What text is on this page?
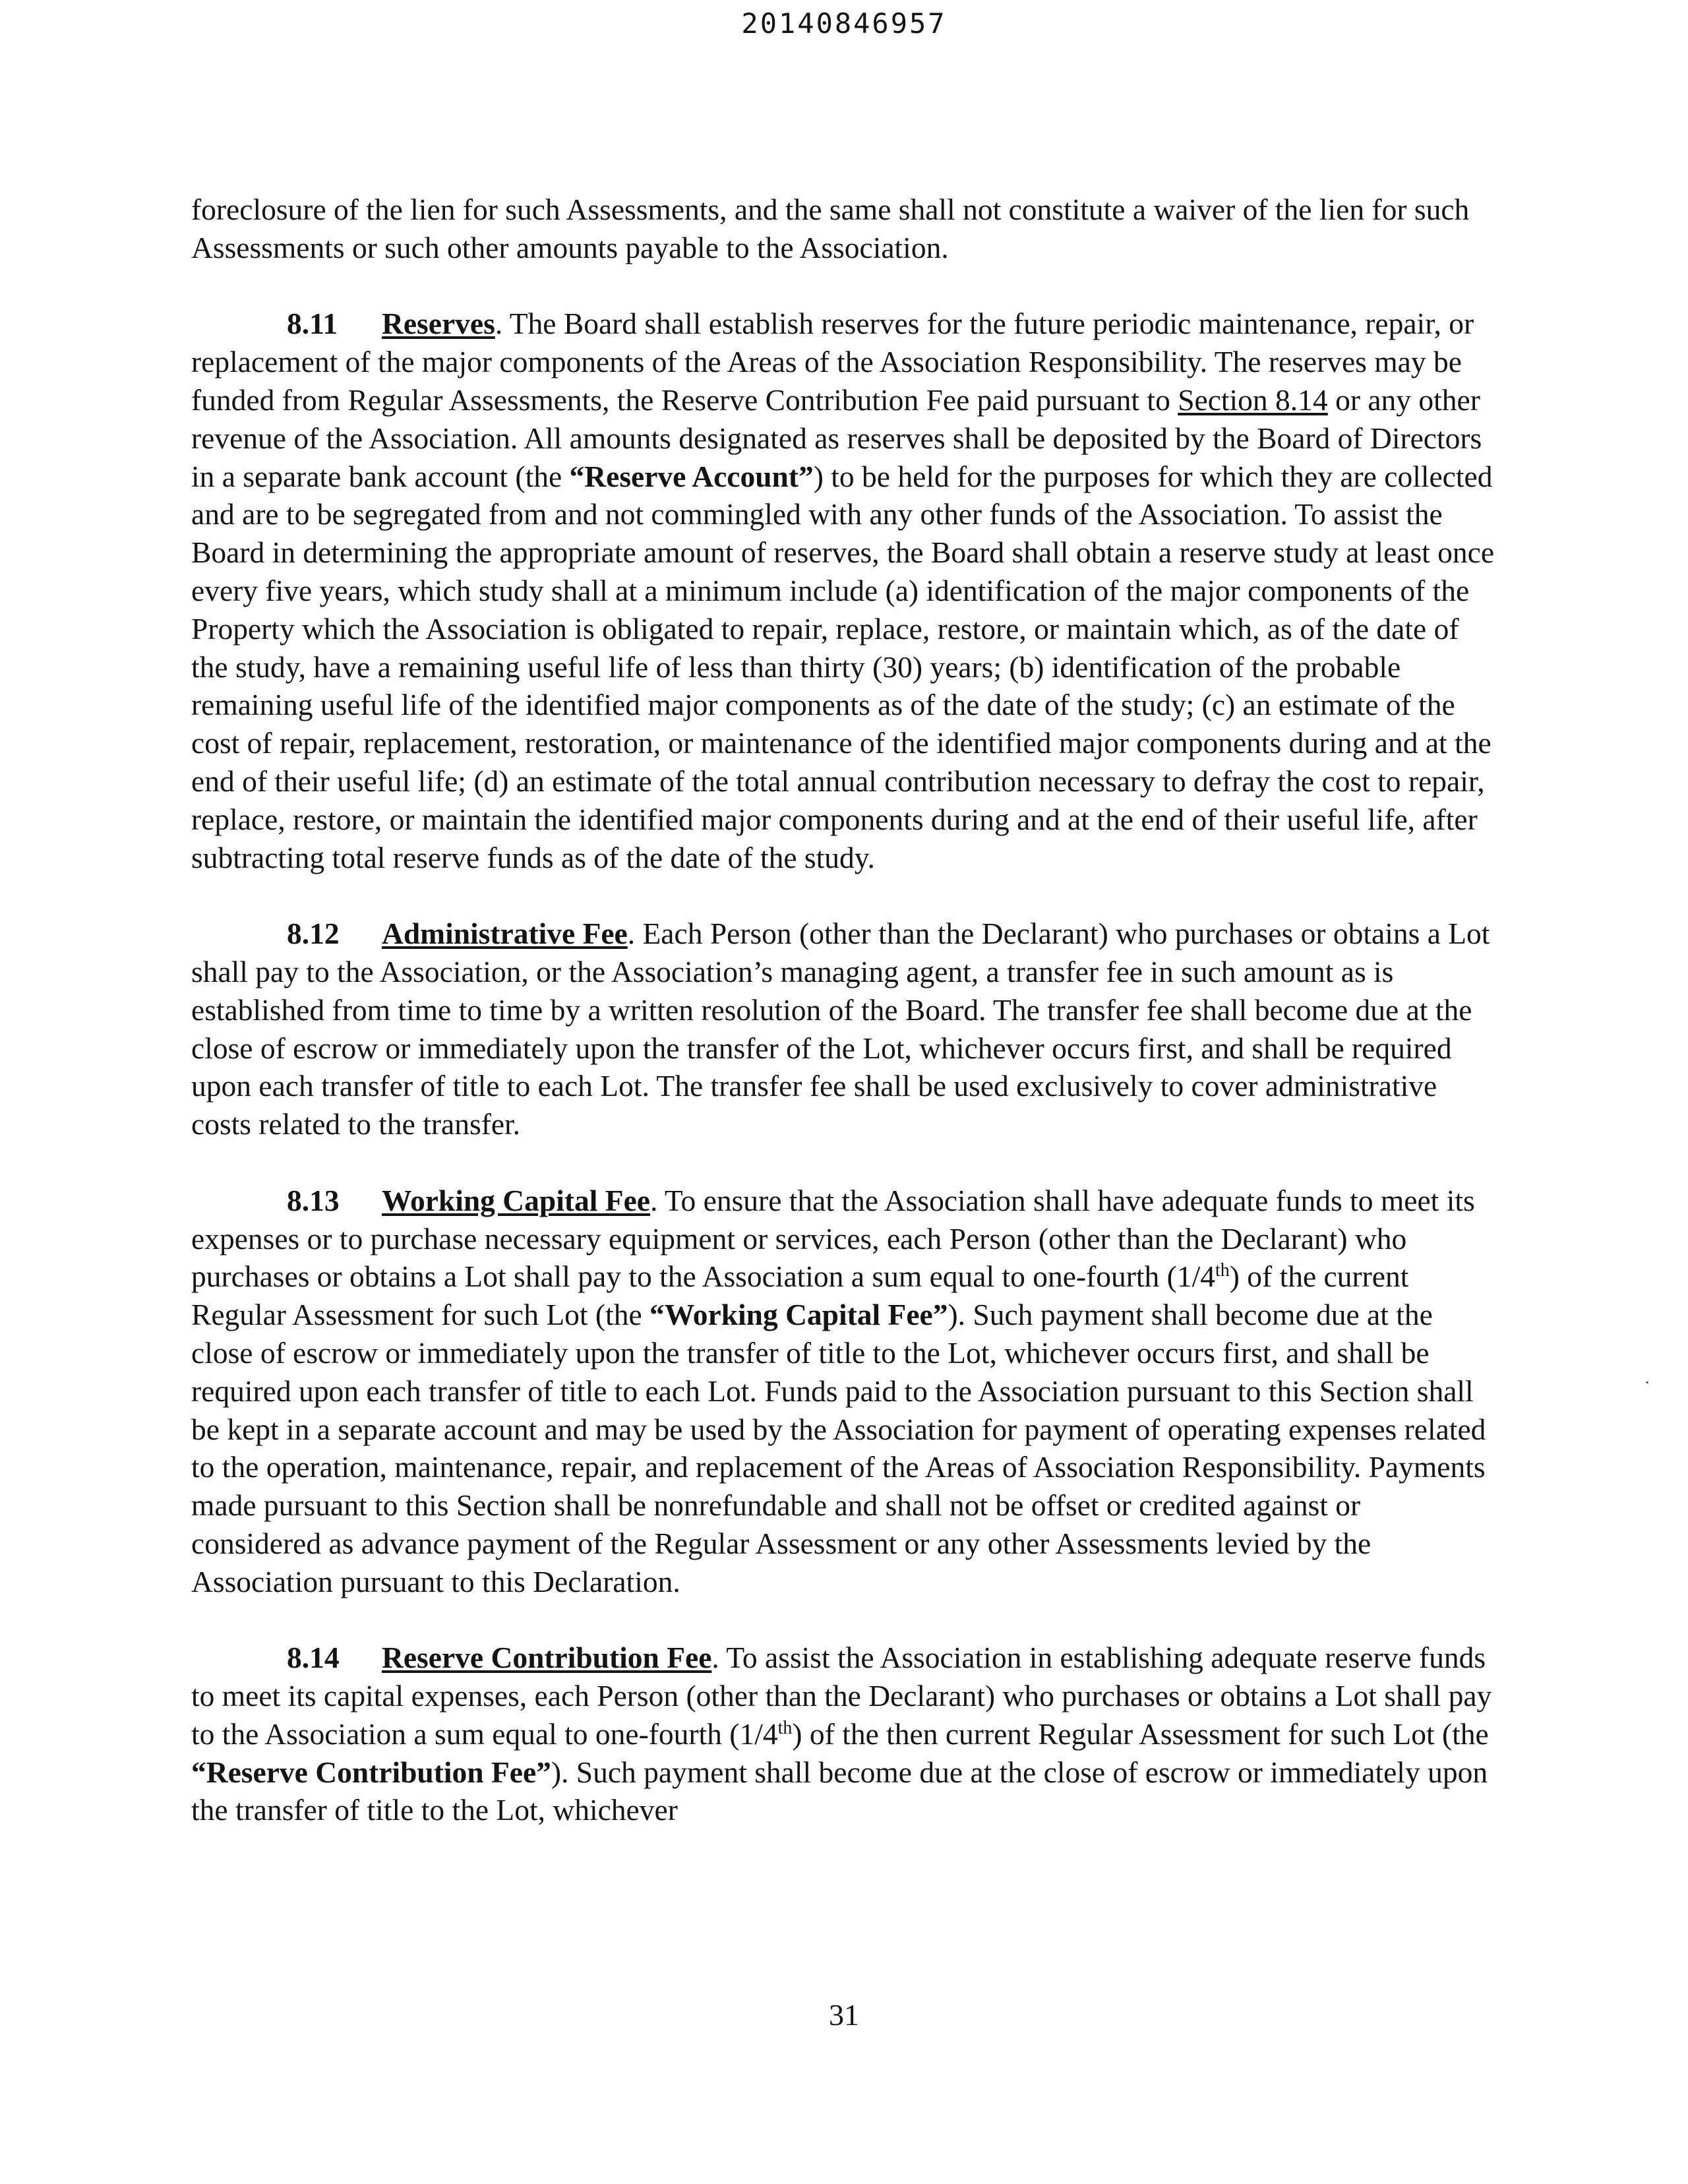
20140846957

foreclosure of the lien for such Assessments, and the same shall not constitute a waiver of the lien for such Assessments or such other amounts payable to the Association.

8.11 Reserves. The Board shall establish reserves for the future periodic maintenance, repair, or replacement of the major components of the Areas of the Association Responsibility. The reserves may be funded from Regular Assessments, the Reserve Contribution Fee paid pursuant to Section 8.14 or any other revenue of the Association. All amounts designated as reserves shall be deposited by the Board of Directors in a separate bank account (the “Reserve Account”) to be held for the purposes for which they are collected and are to be segregated from and not commingled with any other funds of the Association. To assist the Board in determining the appropriate amount of reserves, the Board shall obtain a reserve study at least once every five years, which study shall at a minimum include (a) identification of the major components of the Property which the Association is obligated to repair, replace, restore, or maintain which, as of the date of the study, have a remaining useful life of less than thirty (30) years; (b) identification of the probable remaining useful life of the identified major components as of the date of the study; (c) an estimate of the cost of repair, replacement, restoration, or maintenance of the identified major components during and at the end of their useful life; (d) an estimate of the total annual contribution necessary to defray the cost to repair, replace, restore, or maintain the identified major components during and at the end of their useful life, after subtracting total reserve funds as of the date of the study.

8.12 Administrative Fee. Each Person (other than the Declarant) who purchases or obtains a Lot shall pay to the Association, or the Association’s managing agent, a transfer fee in such amount as is established from time to time by a written resolution of the Board. The transfer fee shall become due at the close of escrow or immediately upon the transfer of the Lot, whichever occurs first, and shall be required upon each transfer of title to each Lot. The transfer fee shall be used exclusively to cover administrative costs related to the transfer.

8.13 Working Capital Fee. To ensure that the Association shall have adequate funds to meet its expenses or to purchase necessary equipment or services, each Person (other than the Declarant) who purchases or obtains a Lot shall pay to the Association a sum equal to one-fourth (1/4th) of the current Regular Assessment for such Lot (the “Working Capital Fee”). Such payment shall become due at the close of escrow or immediately upon the transfer of title to the Lot, whichever occurs first, and shall be required upon each transfer of title to each Lot. Funds paid to the Association pursuant to this Section shall be kept in a separate account and may be used by the Association for payment of operating expenses related to the operation, maintenance, repair, and replacement of the Areas of Association Responsibility. Payments made pursuant to this Section shall be nonrefundable and shall not be offset or credited against or considered as advance payment of the Regular Assessment or any other Assessments levied by the Association pursuant to this Declaration.

8.14 Reserve Contribution Fee. To assist the Association in establishing adequate reserve funds to meet its capital expenses, each Person (other than the Declarant) who purchases or obtains a Lot shall pay to the Association a sum equal to one-fourth (1/4th) of the then current Regular Assessment for such Lot (the “Reserve Contribution Fee”). Such payment shall become due at the close of escrow or immediately upon the transfer of title to the Lot, whichever

31
